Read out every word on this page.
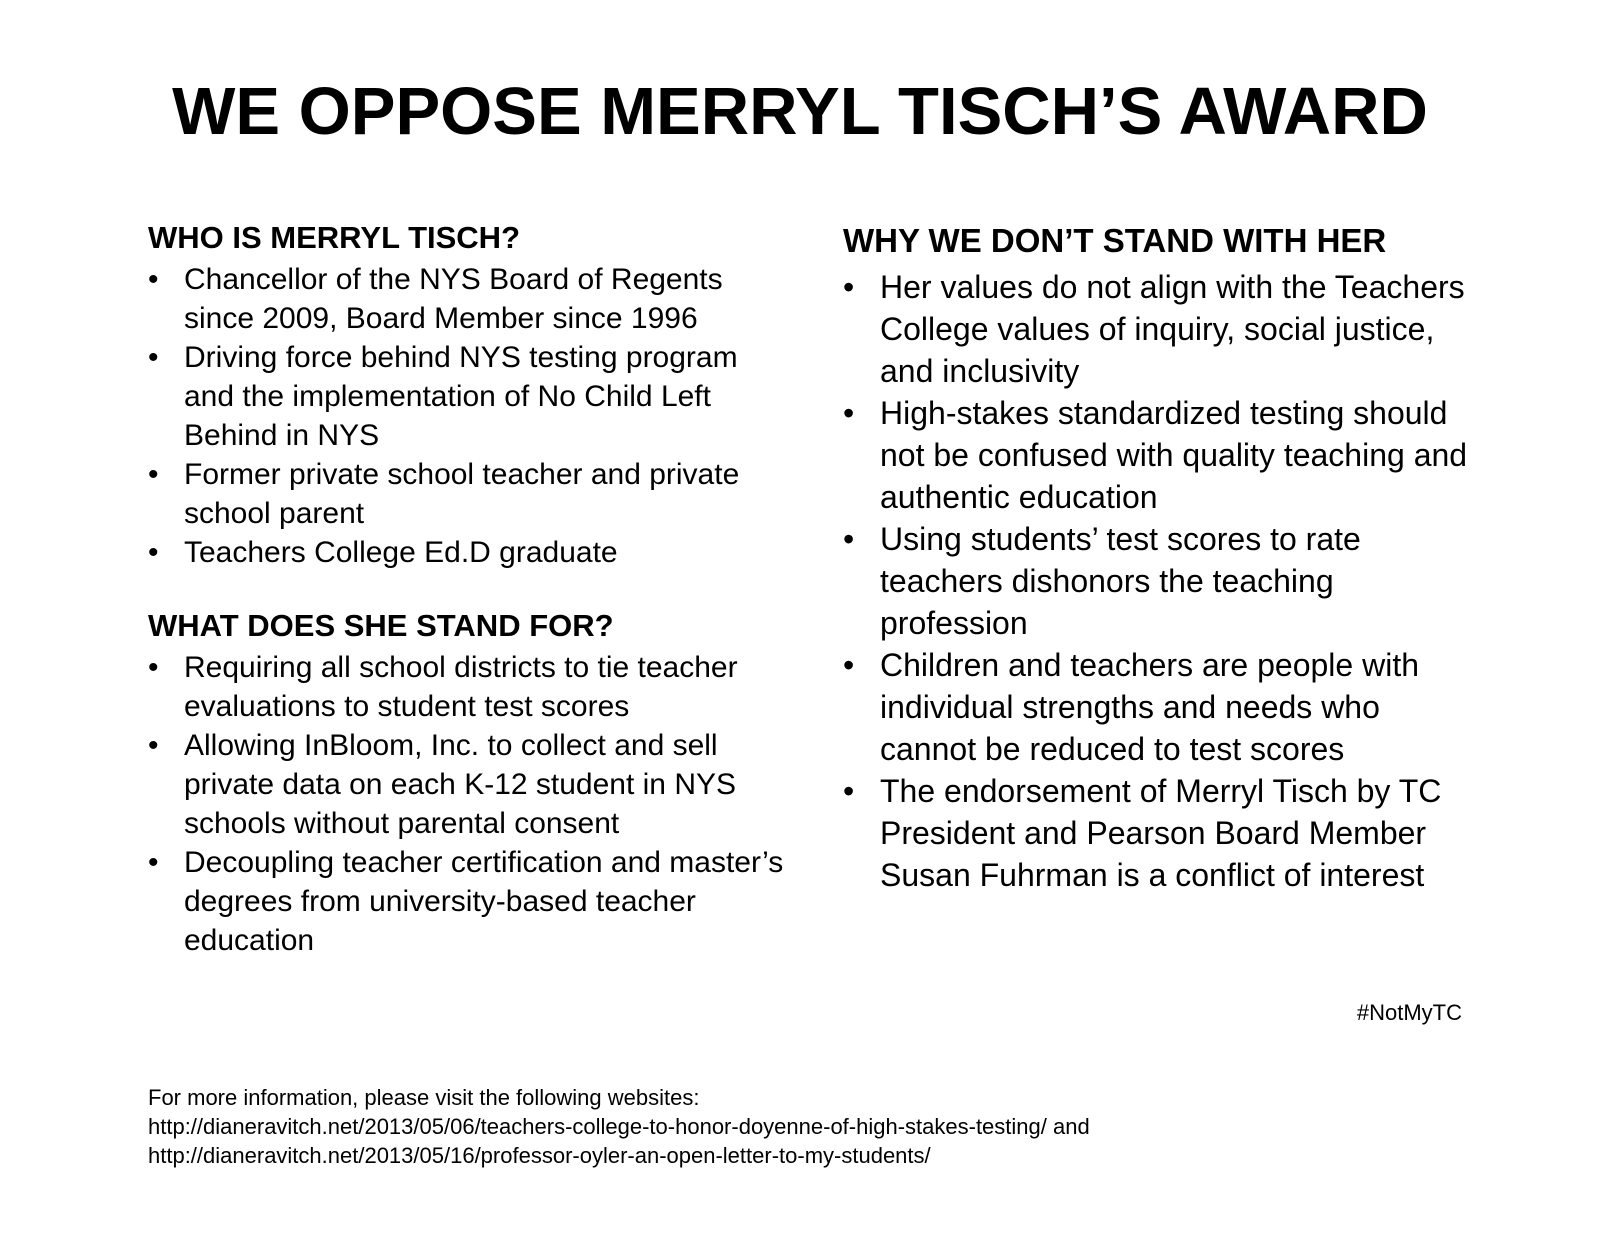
WE OPPOSE MERRYL TISCH’S AWARD
WHO IS MERRYL TISCH?
• Chancellor of the NYS Board of Regents since 2009, Board Member since 1996
• Driving force behind NYS testing program and the implementation of No Child Left Behind in NYS
• Former private school teacher and private school parent
• Teachers College Ed.D graduate
WHAT DOES SHE STAND FOR?
• Requiring all school districts to tie teacher evaluations to student test scores
• Allowing InBloom, Inc. to collect and sell private data on each K-12 student in NYS schools without parental consent
• Decoupling teacher certification and master’s degrees from university-based teacher education
WHY WE DON’T STAND WITH HER
• Her values do not align with the Teachers College values of inquiry, social justice, and inclusivity
• High-stakes standardized testing should not be confused with quality teaching and authentic education
• Using students’ test scores to rate teachers dishonors the teaching profession
• Children and teachers are people with individual strengths and needs who cannot be reduced to test scores
• The endorsement of Merryl Tisch by TC President and Pearson Board Member Susan Fuhrman is a conflict of interest
#NotMyTC
For more information, please visit the following websites:
http://dianeravitch.net/2013/05/06/teachers-college-to-honor-doyenne-of-high-stakes-testing/ and
http://dianeravitch.net/2013/05/16/professor-oyler-an-open-letter-to-my-students/
